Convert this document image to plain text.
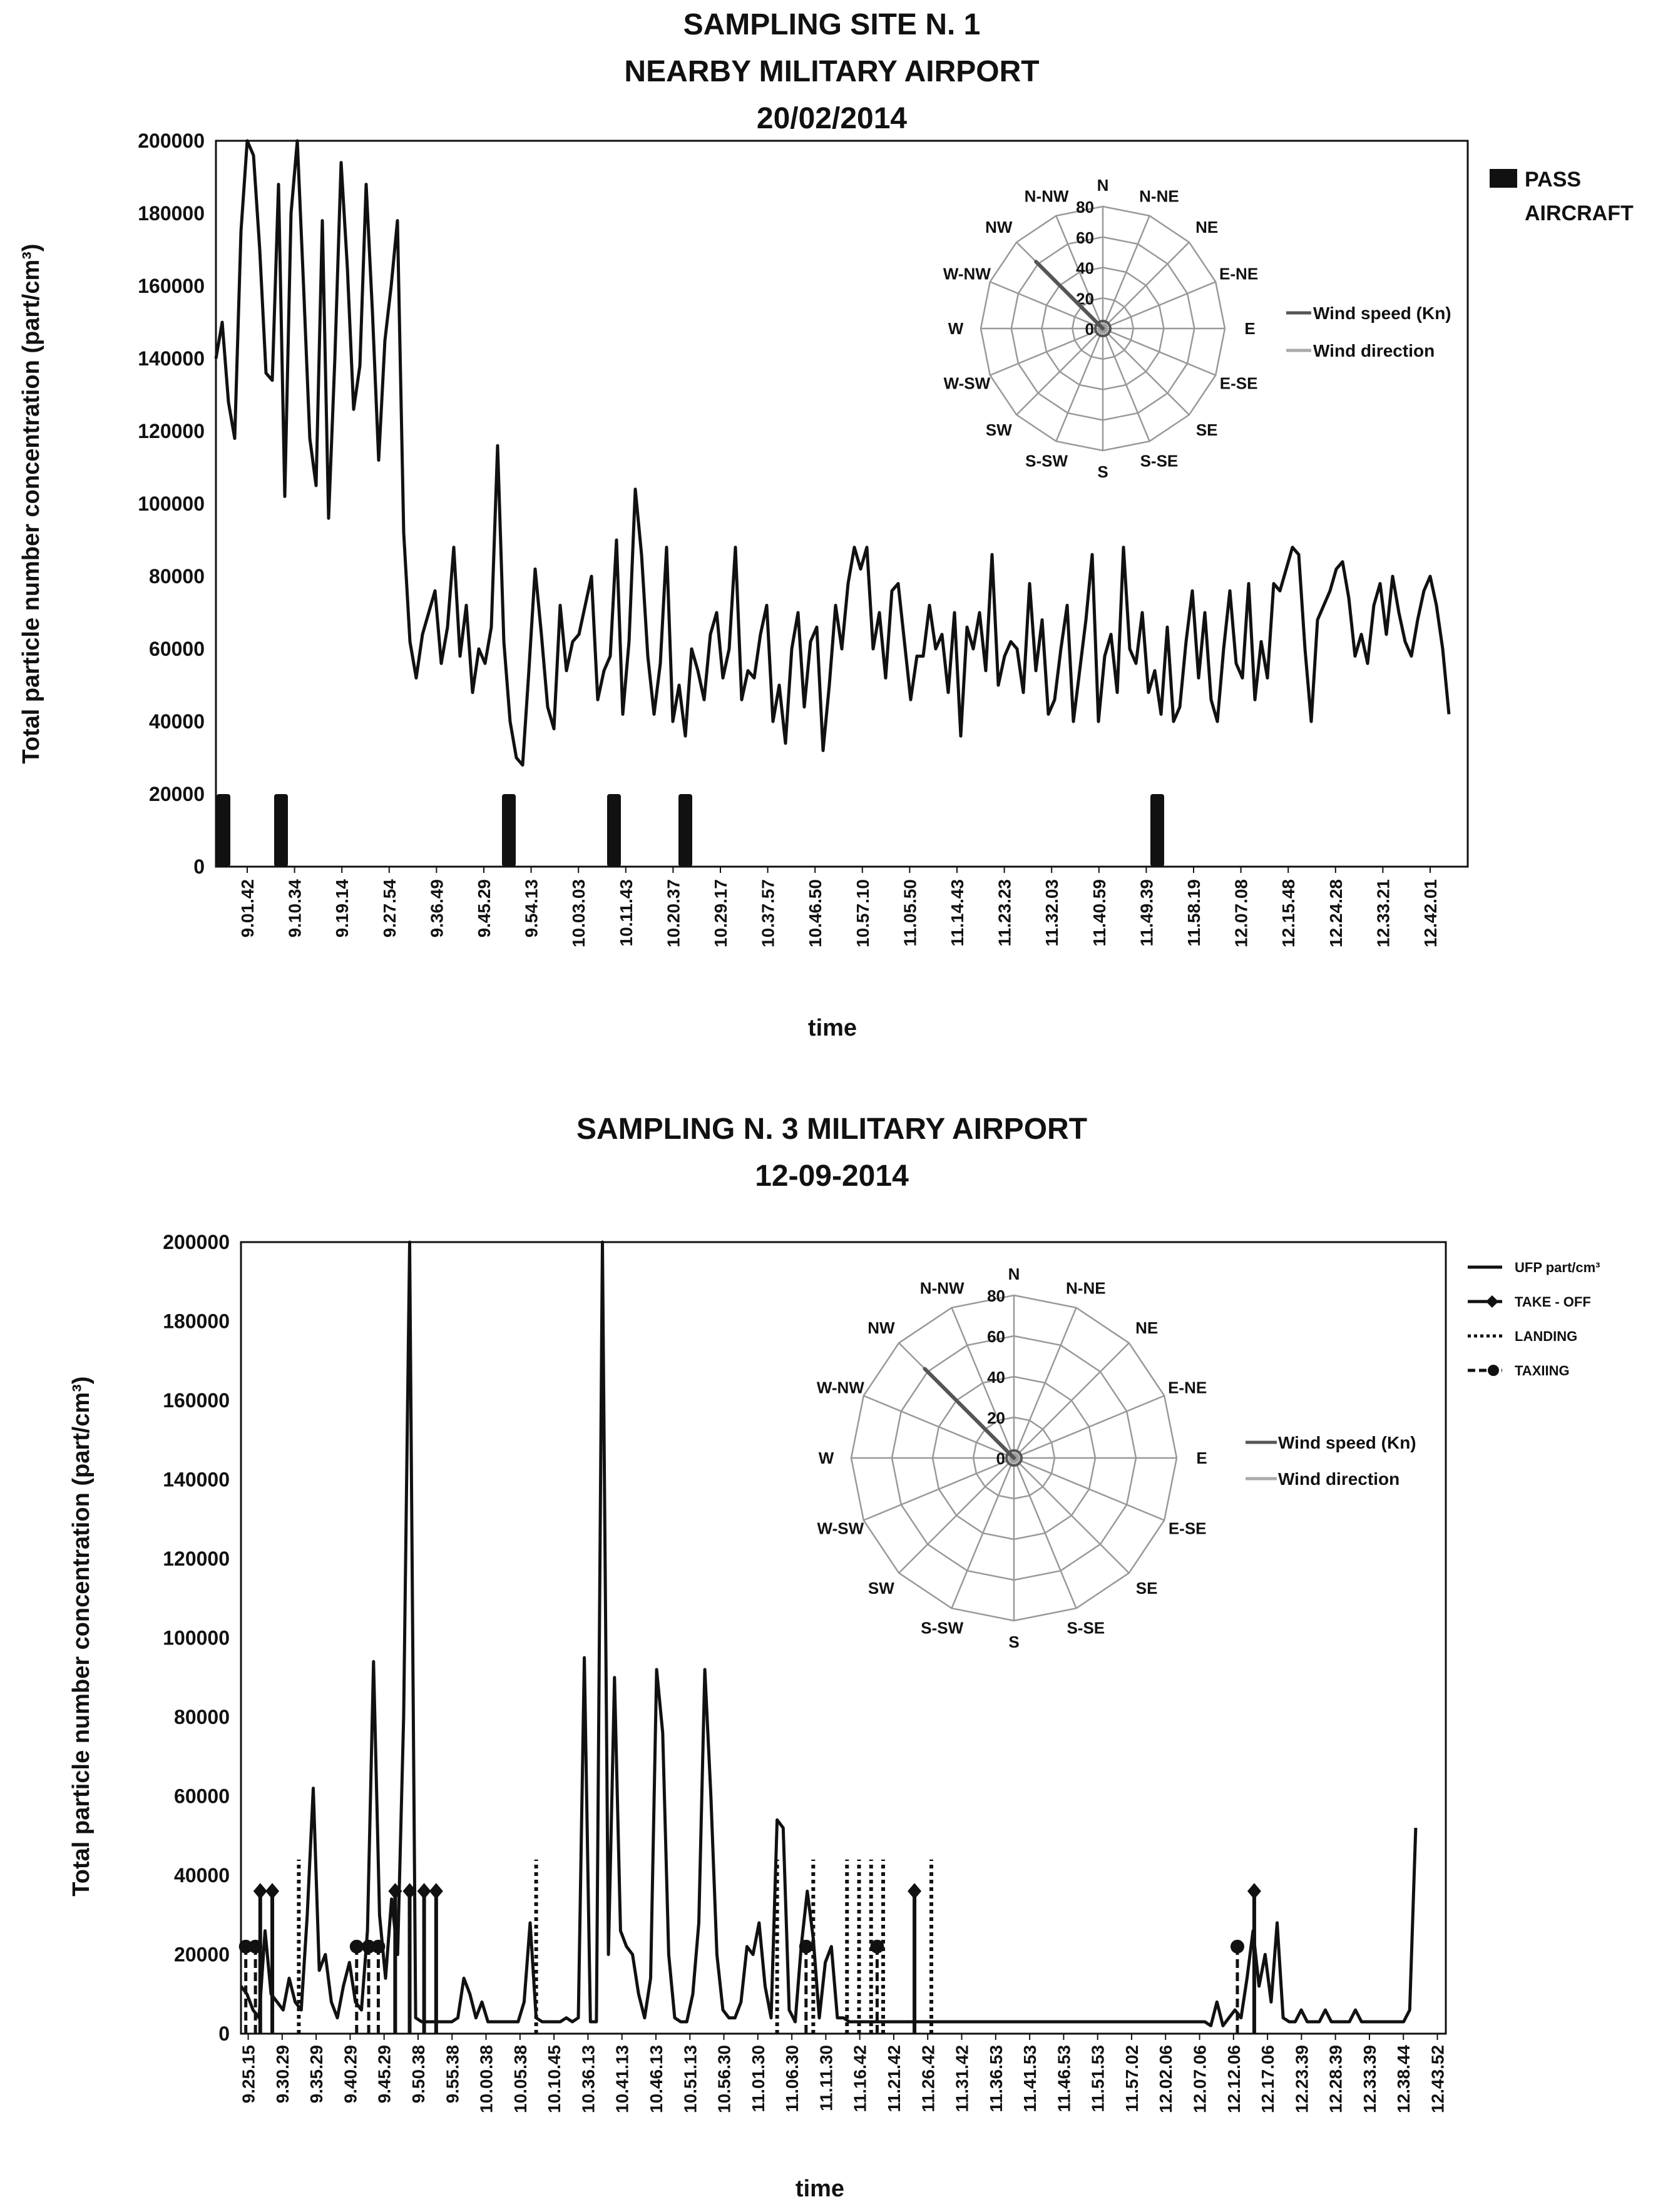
SAMPLING SITE N. 1
NEARBY MILITARY AIRPORT
20/02/2014
0
20000
40000
60000
80000
100000
120000
140000
160000
180000
200000
9.01.42 9.10.34 9.19.14 9.27.54 9.36.49 9.45.29 9.54.13 10.03.03 10.11.43 10.20.37 10.29.17 10.37.57 10.46.50 10.57.10 11.05.50 11.14.43 11.23.23 11.32.03 11.40.59 11.49.39 11.58.19 12.07.08 12.15.48 12.24.28 12.33.21 12.42.01
Total particle number concentration (part/cm³)
time
PASS
AIRCRAFT
N
N-NE
NE
E-NE
E
E-SE
SE
S-SE
S
S-SW
SW
W-SW
W
W-NW
NW
N-NW
0
20
40
60
80
Wind speed (Kn)
Wind direction
SAMPLING N. 3 MILITARY AIRPORT
12-09-2014
0
20000
40000
60000
80000
100000
120000
140000
160000
180000
200000
9.25.15 9.30.29 9.35.29 9.40.29 9.45.29 9.50.38 9.55.38 10.00.38 10.05.38 10.10.45 10.36.13 10.41.13 10.46.13 10.51.13 10.56.30 11.01.30 11.06.30 11.11.30 11.16.42 11.21.42 11.26.42 11.31.42 11.36.53 11.41.53 11.46.53 11.51.53 11.57.02 12.02.06 12.07.06 12.12.06 12.17.06 12.23.39 12.28.39 12.33.39 12.38.44 12.43.52
Total particle number concentration (part/cm³)
time
UFP part/cm³
TAKE - OFF
LANDING
TAXIING
N
N-NE
NE
E-NE
E
E-SE
SE
S-SE
S
S-SW
SW
W-SW
W
W-NW
NW
N-NW
0
20
40
60
80
Wind speed (Kn)
Wind direction
